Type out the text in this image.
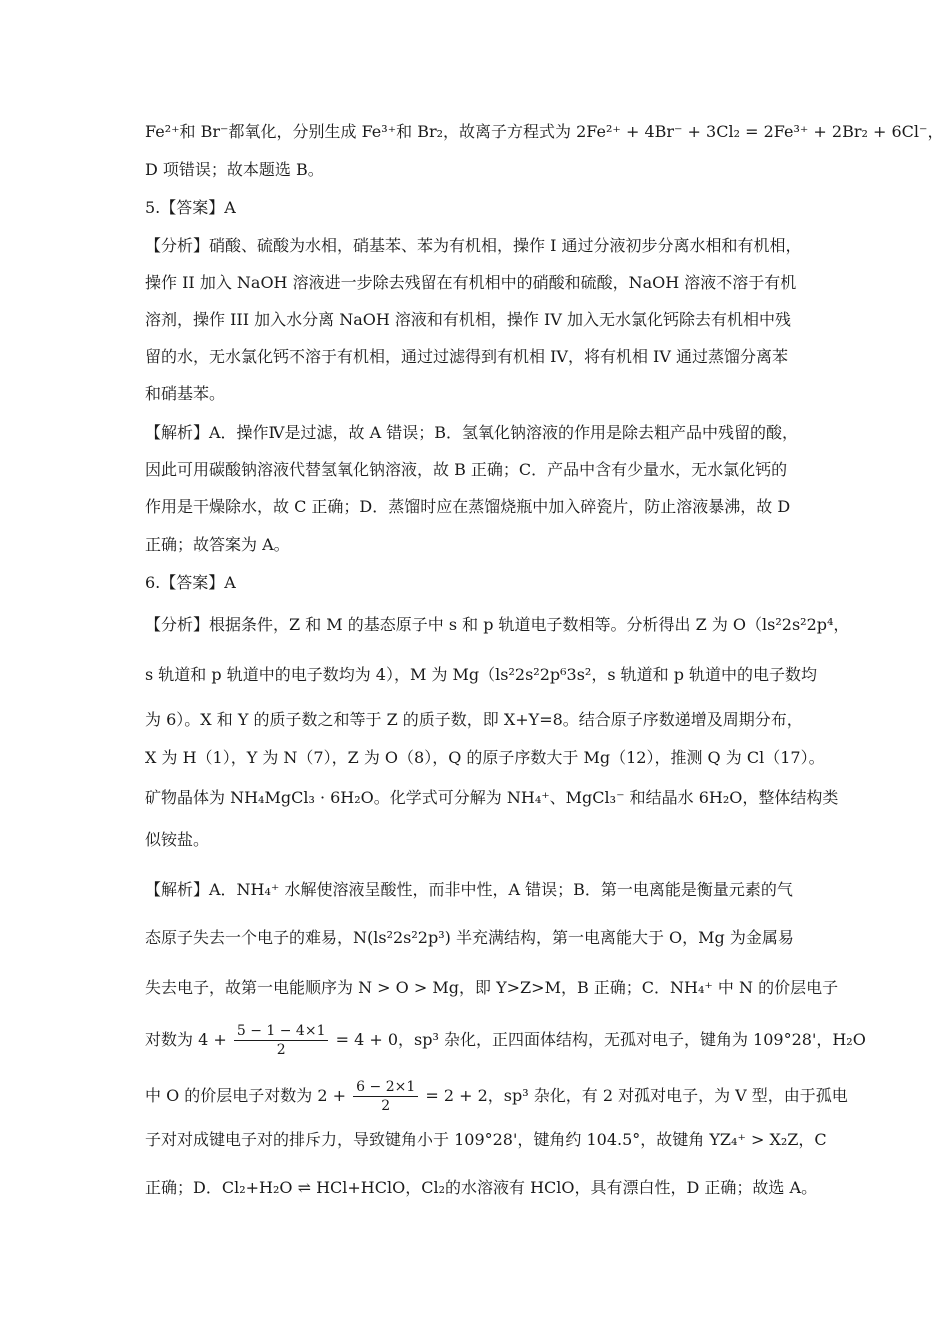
Fe²⁺和 Br⁻都氧化，分别生成 Fe³⁺和 Br₂，故离子方程式为 2Fe²⁺ + 4Br⁻ + 3Cl₂ = 2Fe³⁺ + 2Br₂ + 6Cl⁻，
D 项错误；故本题选 B。
5.【答案】A
【分析】硝酸、硫酸为水相，硝基苯、苯为有机相，操作 I 通过分液初步分离水相和有机相，
操作 II 加入 NaOH 溶液进一步除去残留在有机相中的硝酸和硫酸，NaOH 溶液不溶于有机
溶剂，操作 III 加入水分离 NaOH 溶液和有机相，操作 IV 加入无水氯化钙除去有机相中残
留的水，无水氯化钙不溶于有机相，通过过滤得到有机相 IV，将有机相 IV 通过蒸馏分离苯
和硝基苯。
【解析】A．操作Ⅳ是过滤，故 A 错误；B．氢氧化钠溶液的作用是除去粗产品中残留的酸，
因此可用碳酸钠溶液代替氢氧化钠溶液，故 B 正确；C．产品中含有少量水，无水氯化钙的
作用是干燥除水，故 C 正确；D．蒸馏时应在蒸馏烧瓶中加入碎瓷片，防止溶液暴沸，故 D
正确；故答案为 A。
6.【答案】A
【分析】根据条件，Z 和 M 的基态原子中 s 和 p 轨道电子数相等。分析得出 Z 为 O（ls²2s²2p⁴，
s 轨道和 p 轨道中的电子数均为 4），M 为 Mg（ls²2s²2p⁶3s²，s 轨道和 p 轨道中的电子数均
为 6）。X 和 Y 的质子数之和等于 Z 的质子数，即 X+Y=8。结合原子序数递增及周期分布，
X 为 H（1），Y 为 N（7），Z 为 O（8），Q 的原子序数大于 Mg（12），推测 Q 为 Cl（17）。
矿物晶体为 NH₄MgCl₃ · 6H₂O。化学式可分解为 NH₄⁺、MgCl₃⁻ 和结晶水 6H₂O，整体结构类
似铵盐。
【解析】A．NH₄⁺ 水解使溶液呈酸性，而非中性，A 错误；B．第一电离能是衡量元素的气
态原子失去一个电子的难易，N(ls²2s²2p³) 半充满结构，第一电离能大于 O，Mg 为金属易
失去电子，故第一电能顺序为 N > O > Mg，即 Y>Z>M，B 正确；C．NH₄⁺ 中 N 的价层电子
对数为 $4 + \frac{5 - 1 - 4\times 1}{2} = 4 + 0$，sp³ 杂化，正四面体结构，无孤对电子，键角为 109°28'，H₂O
中 O 的价层电子对数为 $2 + \frac{6 - 2\times 1}{2} = 2 + 2$，sp³ 杂化，有 2 对孤对电子，为 V 型，由于孤电
子对对成键电子对的排斥力，导致键角小于 109°28'，键角约 104.5°，故键角 YZ₄⁺ > X₂Z，C
正确；D．Cl₂+H₂O ⇌ HCl+HClO，Cl₂的水溶液有 HClO，具有漂白性，D 正确；故选 A。
